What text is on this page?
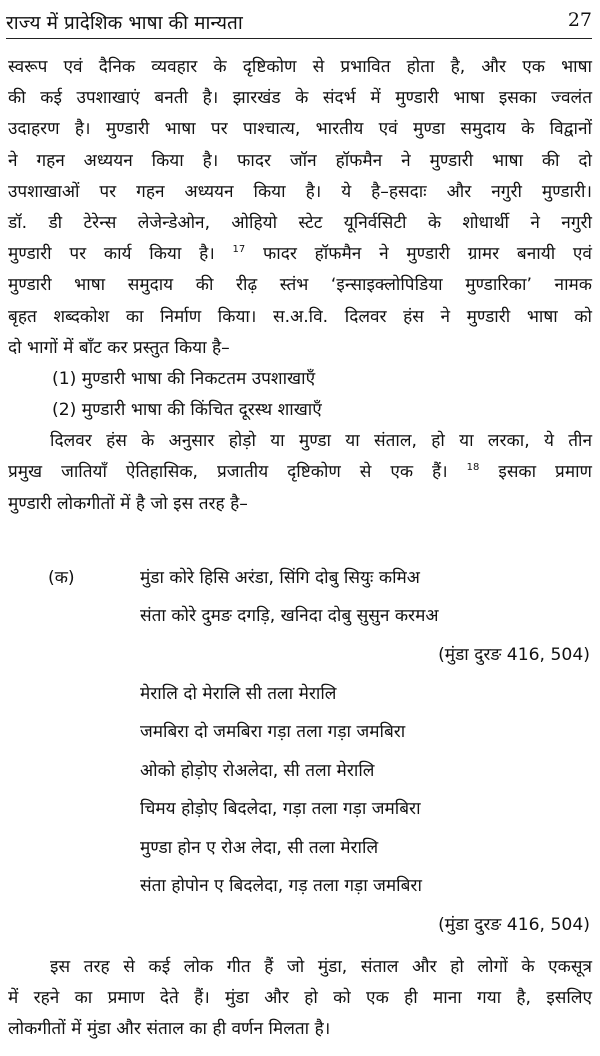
राज्य में प्रादेशिक भाषा की मान्यता	27
स्वरूप एवं दैनिक व्यवहार के दृष्टिकोण से प्रभावित होता है, और एक भाषा
की कई उपशाखाएं बनती है। झारखंड के संदर्भ में मुण्डारी भाषा इसका ज्वलंत
उदाहरण है। मुण्डारी भाषा पर पाश्चात्य, भारतीय एवं मुण्डा समुदाय के विद्वानों
ने गहन अध्ययन किया है। फादर जॉन हॉफमैन ने मुण्डारी भाषा की दो
उपशाखाओं पर गहन अध्ययन किया है। ये है–हसदाः और नगुरी मुण्डारी।
डॉ. डी टेरेन्स लेजेन्डेओन, ओहियो स्टेट यूनिर्वसिटी के शोधार्थी ने नगुरी
मुण्डारी पर कार्य किया है। $^{17}$ फादर हॉफमैन ने मुण्डारी ग्रामर बनायी एवं
मुण्डारी भाषा समुदाय की रीढ़ स्तंभ ‘इन्साइक्लोपिडिया मुण्डारिका’ नामक
बृहत शब्दकोश का निर्माण किया। स.अ.वि. दिलवर हंस ने मुण्डारी भाषा को
दो भागों में बाँट कर प्रस्तुत किया है–
(1) मुण्डारी भाषा की निकटतम उपशाखाएँ
(2) मुण्डारी भाषा की किंचित दूरस्थ शाखाएँ
दिलवर हंस के अनुसार होड़ो या मुण्डा या संताल, हो या लरका, ये तीन
प्रमुख जातियाँ ऐतिहासिक, प्रजातीय दृष्टिकोण से एक हैं। $^{18}$ इसका प्रमाण
मुण्डारी लोकगीतों में है जो इस तरह है–
(क)	मुंडा कोरे हिसि अरंडा, सिंगि दोबु सियुः कमिअ
संता कोरे दुमङ दगड़ि, खनिदा दोबु सुसुन करमअ
(मुंडा दुरङ 416, 504)
मेरालि दो मेरालि सी तला मेरालि
जमबिरा दो जमबिरा गड़ा तला गड़ा जमबिरा
ओको होड़ोए रोअलेदा, सी तला मेरालि
चिमय होड़ोए बिदलेदा, गड़ा तला गड़ा जमबिरा
मुण्डा होन ए रोअ लेदा, सी तला मेरालि
संता होपोन ए बिदलेदा, गड़ तला गड़ा जमबिरा
(मुंडा दुरङ 416, 504)
इस तरह से कई लोक गीत हैं जो मुंडा, संताल और हो लोगों के एकसूत्र
में रहने का प्रमाण देते हैं। मुंडा और हो को एक ही माना गया है, इसलिए
लोकगीतों में मुंडा और संताल का ही वर्णन मिलता है।
